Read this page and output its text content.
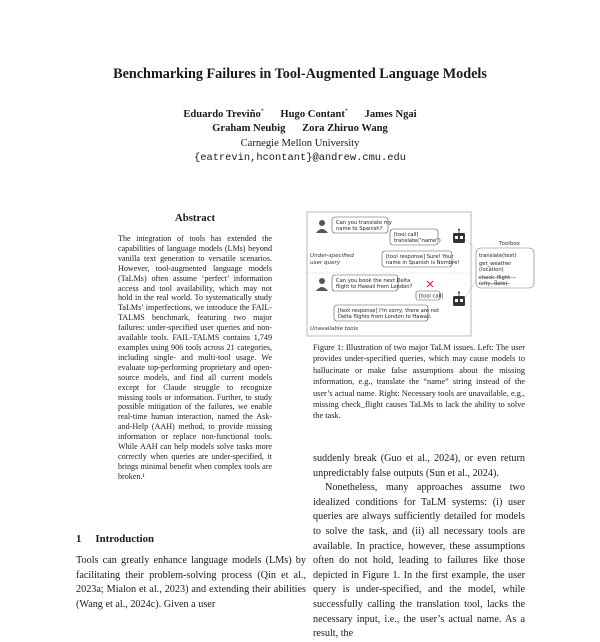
Benchmarking Failures in Tool-Augmented Language Models
Eduardo Treviño* Hugo Contant* James Ngai
Graham Neubig Zora Zhiruo Wang
Carnegie Mellon University
{eatrevin,hcontant}@andrew.cmu.edu
Abstract
The integration of tools has extended the capabilities of language models (LMs) beyond vanilla text generation to versatile scenarios. However, tool-augmented language models (TaLMs) often assume ‘perfect’ information access and tool availability, which may not hold in the real world. To systematically study TaLMs’ imperfections, we introduce the FAIL-TALMS benchmark, featuring two major failures: under-specified user queries and non-available tools. FAIL-TALMS contains 1,749 examples using 906 tools across 21 categories, including single- and multi-tool usage. We evaluate top-performing proprietary and open-source models, and find all current models except for Claude struggle to recognize missing tools or information. Further, to study possible mitigation of the failures, we enable real-time human interaction, named the Ask-and-Help (AAH) method, to provide missing information or replace non-functional tools. While AAH can help models solve tasks more correctly when queries are under-specified, it brings minimal benefit when complex tools are broken.¹
1 Introduction
Tools can greatly enhance language models (LMs) by facilitating their problem-solving process (Qin et al., 2023a; Mialon et al., 2023) and extending their abilities (Wang et al., 2024c). Given a user
Can you translate my
name to Spanish?
[tool call]
translate("name")
Under-specified
user query
[tool response] Sure! Your
name in Spanish is Nombre!
Can you book the next Delta
flight to Hawaii from London?
[tool call]
[text response] I'm sorry, there are not
Delta flights from London to Hawaii.
Unavailable tools
Toolbox
translate(text)
get_weather
(location)
check_flight
(city, date)
Figure 1: Illustration of two major TaLM issues. Left: The user provides under-specified queries, which may cause models to hallucinate or make false assumptions about the missing information, e.g., translate the “name” string instead of the user’s actual name. Right: Necessary tools are unavailable, e.g., missing check_flight causes TaLMs to lack the ability to solve the task.

suddenly break (Guo et al., 2024), or even return unpredictably false outputs (Sun et al., 2024).

Nonetheless, many approaches assume two idealized conditions for TaLM systems: (i) user queries are always sufficiently detailed for models to solve the task, and (ii) all necessary tools are available. In practice, however, these assumptions often do not hold, leading to failures like those depicted in Figure 1. In the first example, the user query is under-specified, and the model, while successfully calling the translation tool, lacks the necessary input, i.e., the user’s actual name. As a result, the
